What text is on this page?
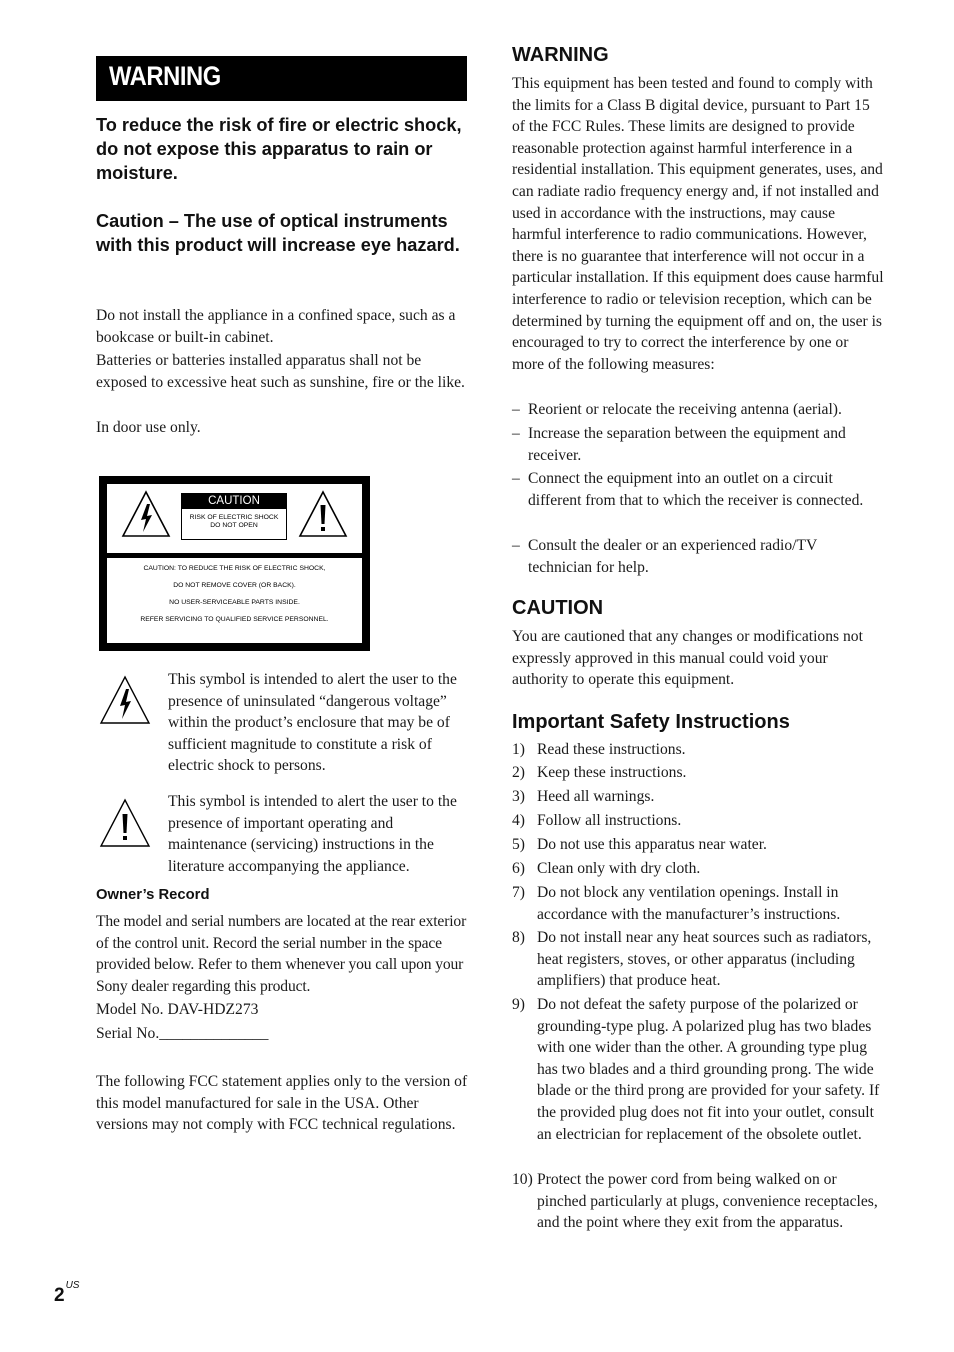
WARNING
To reduce the risk of fire or electric shock, do not expose this apparatus to rain or moisture.
Caution – The use of optical instruments with this product will increase eye hazard.
Do not install the appliance in a confined space, such as a bookcase or built-in cabinet.
Batteries or batteries installed apparatus shall not be exposed to excessive heat such as sunshine, fire or the like.
In door use only.
CAUTION
RISK OF ELECTRIC SHOCK
DO NOT OPEN
CAUTION: TO REDUCE THE RISK OF ELECTRIC SHOCK,
DO NOT REMOVE COVER (OR BACK).
NO USER-SERVICEABLE PARTS INSIDE.
REFER SERVICING TO QUALIFIED SERVICE PERSONNEL.
This symbol is intended to alert the user to the presence of uninsulated “dangerous voltage” within the product’s enclosure that may be of sufficient magnitude to constitute a risk of electric shock to persons.
This symbol is intended to alert the user to the presence of important operating and maintenance (servicing) instructions in the literature accompanying the appliance.
Owner’s Record
The model and serial numbers are located at the rear exterior of the control unit. Record the serial number in the space provided below. Refer to them whenever you call upon your Sony dealer regarding this product.
Model No. DAV-HDZ273
Serial No.______________
The following FCC statement applies only to the version of this model manufactured for sale in the USA. Other versions may not comply with FCC technical regulations.
WARNING
This equipment has been tested and found to comply with the limits for a Class B digital device, pursuant to Part 15 of the FCC Rules. These limits are designed to provide reasonable protection against harmful interference in a residential installation. This equipment generates, uses, and can radiate radio frequency energy and, if not installed and used in accordance with the instructions, may cause harmful interference to radio communications. However, there is no guarantee that interference will not occur in a particular installation. If this equipment does cause harmful interference to radio or television reception, which can be determined by turning the equipment off and on, the user is encouraged to try to correct the interference by one or more of the following measures:
– Reorient or relocate the receiving antenna (aerial).
– Increase the separation between the equipment and receiver.
– Connect the equipment into an outlet on a circuit different from that to which the receiver is connected.
– Consult the dealer or an experienced radio/TV technician for help.
CAUTION
You are cautioned that any changes or modifications not expressly approved in this manual could void your authority to operate this equipment.
Important Safety Instructions
1) Read these instructions.
2) Keep these instructions.
3) Heed all warnings.
4) Follow all instructions.
5) Do not use this apparatus near water.
6) Clean only with dry cloth.
7) Do not block any ventilation openings. Install in accordance with the manufacturer’s instructions.
8) Do not install near any heat sources such as radiators, heat registers, stoves, or other apparatus (including amplifiers) that produce heat.
9) Do not defeat the safety purpose of the polarized or grounding-type plug. A polarized plug has two blades with one wider than the other. A grounding type plug has two blades and a third grounding prong. The wide blade or the third prong are provided for your safety. If the provided plug does not fit into your outlet, consult an electrician for replacement of the obsolete outlet.
10) Protect the power cord from being walked on or pinched particularly at plugs, convenience receptacles, and the point where they exit from the apparatus.
$2^{US}$
